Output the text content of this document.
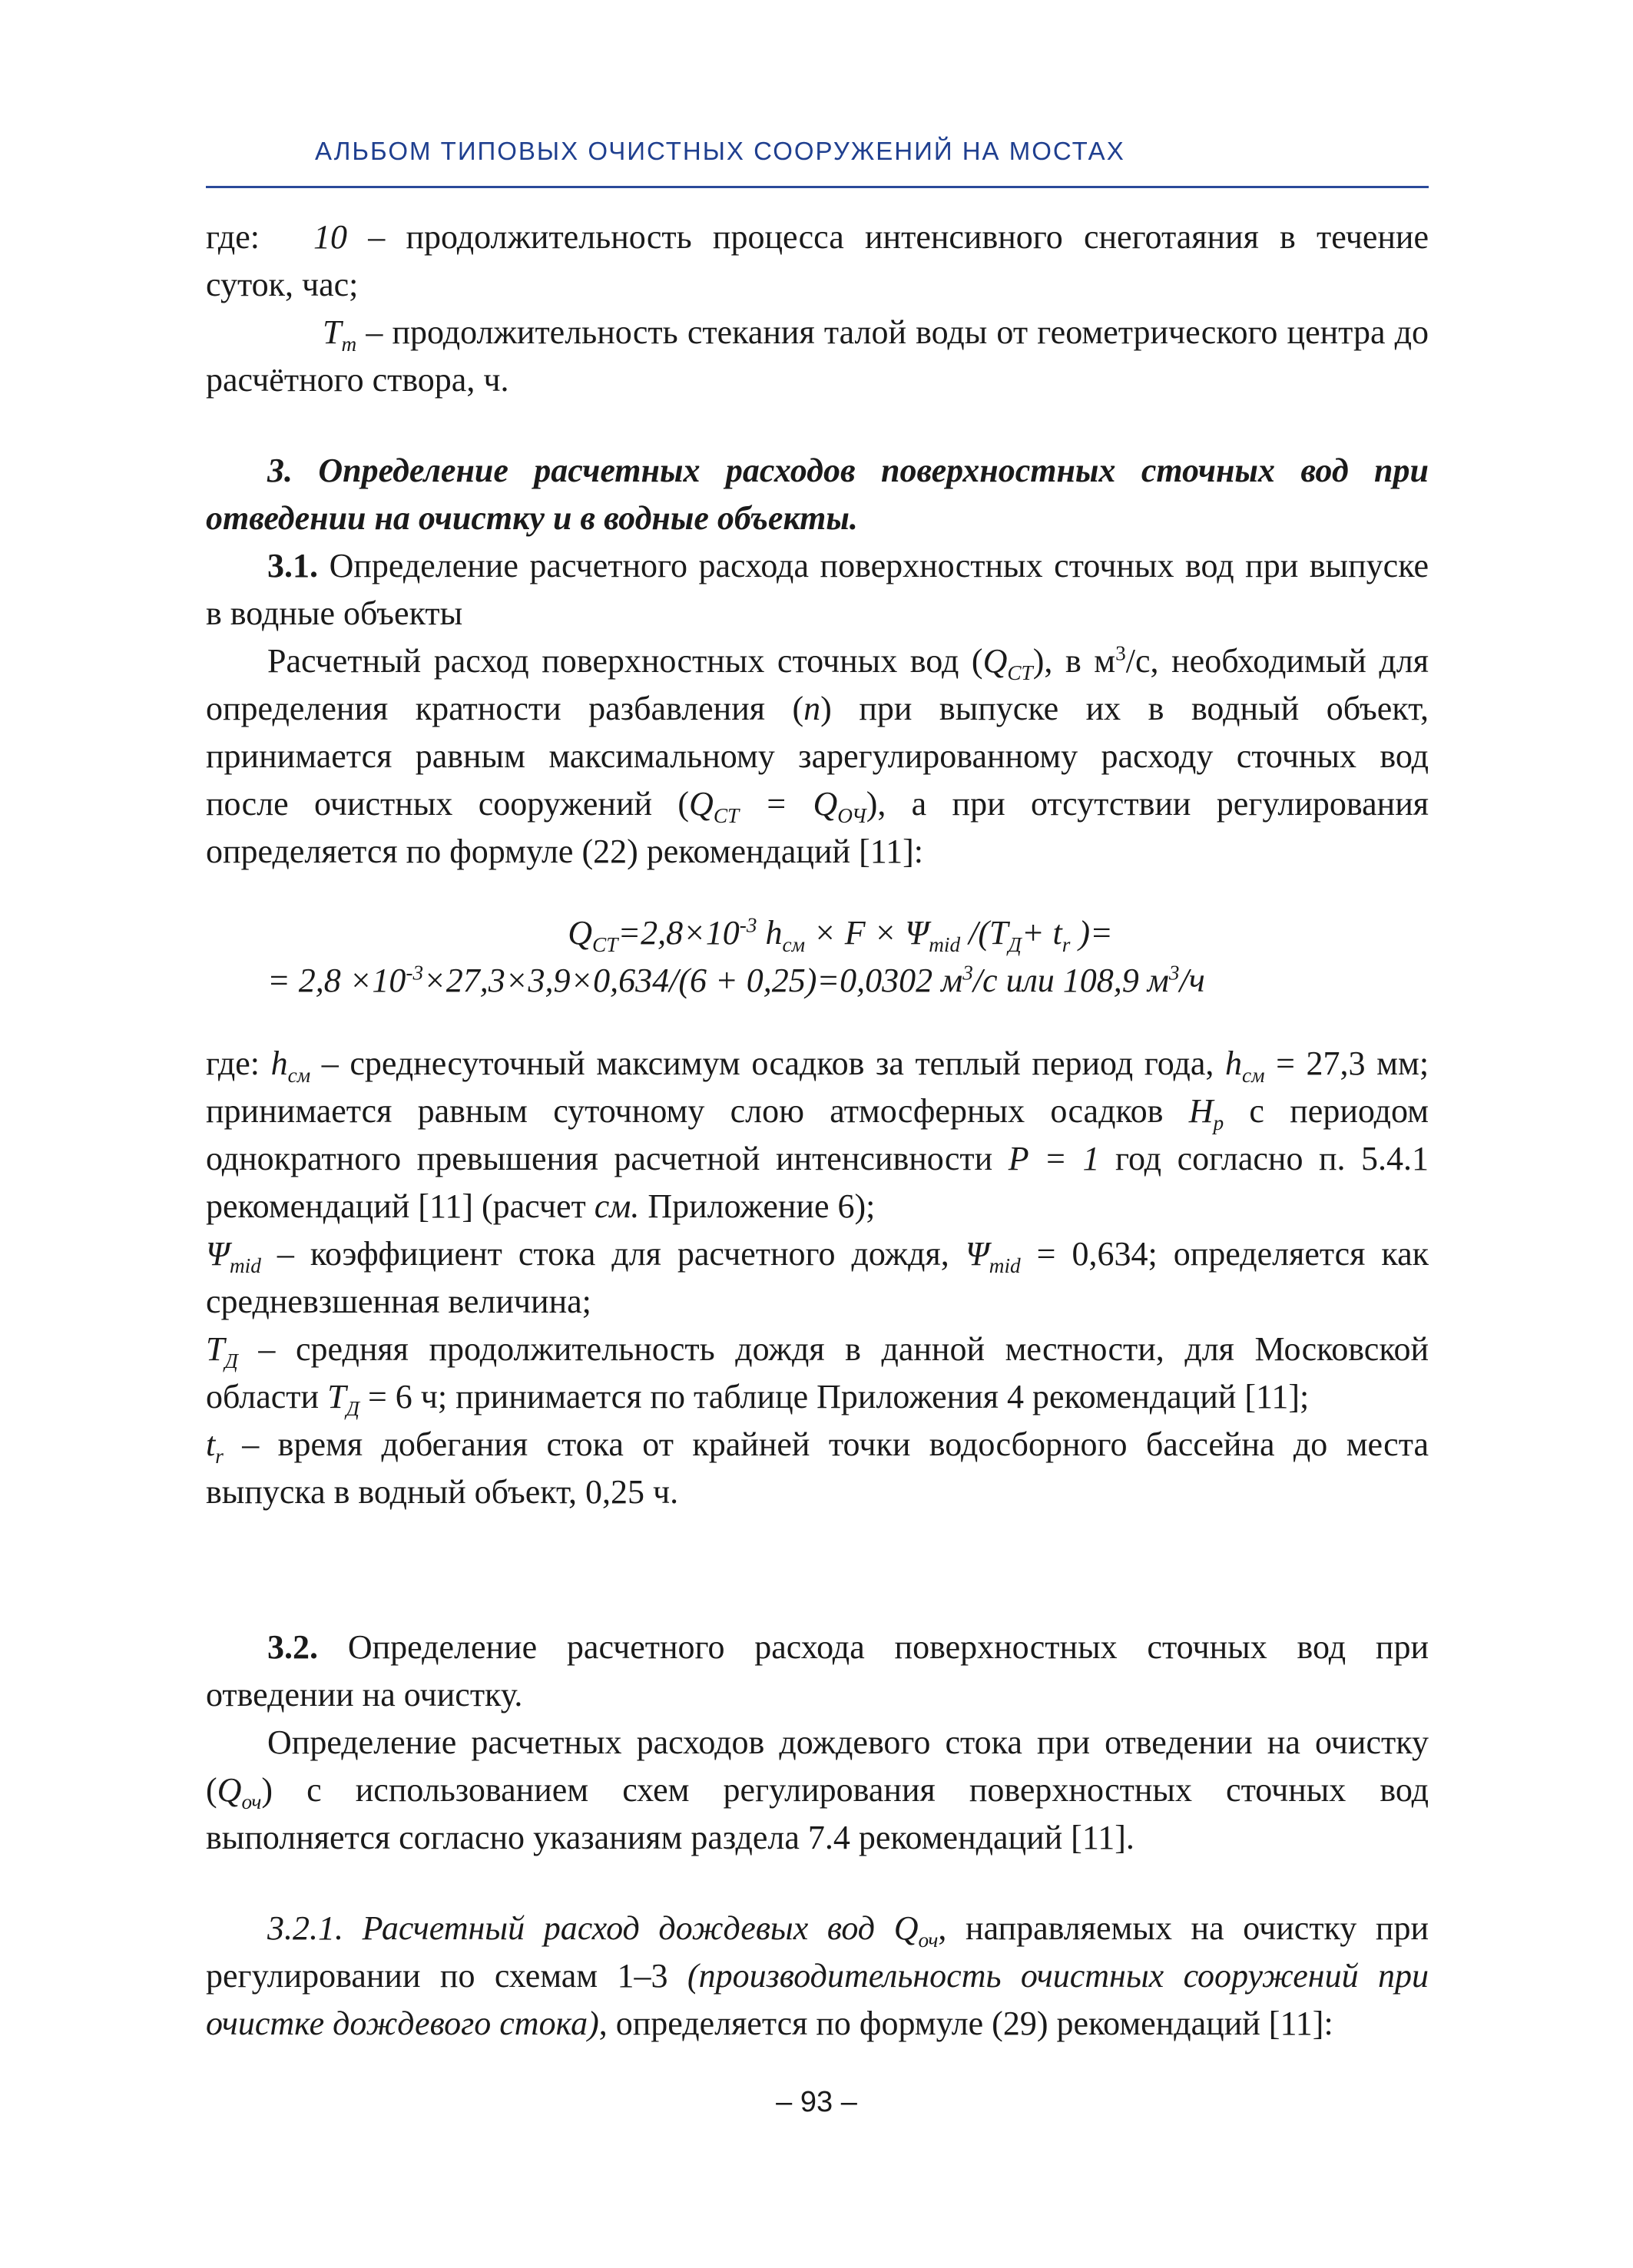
АЛЬБОМ ТИПОВЫХ ОЧИСТНЫХ СООРУЖЕНИЙ НА МОСТАХ

где: 10 – продолжительность процесса интенсивного снеготаяния в течение суток, час;

$T_т$ – продолжительность стекания талой воды от геометрического центра до расчётного створа, ч.

3. Определение расчетных расходов поверхностных сточных вод при отведении на очистку и в водные объекты.

3.1. Определение расчетного расхода поверхностных сточных вод при выпуске в водные объекты

Расчетный расход поверхностных сточных вод $(Q_{СТ})$, в $м^3/с$, необходимый для определения кратности разбавления (n) при выпуске их в водный объект, принимается равным максимальному зарегулированному расходу сточных вод после очистных сооружений $(Q_{СТ} = Q_{ОЧ})$, а при отсутствии регулирования определяется по формуле (22) рекомендаций [11]:

$Q_{СТ}=2,8\times 10^{-3}$ $h_{см} \times F \times \Psi_{mid}$ $/(T_Д+ t_r$ )=
= $2,8 \times 10^{-3}\times 27,3\times 3,9\times 0,634/(6 + 0,25)=0,0302$ $м^3/с$ или 108,9 $м^3/ч$

где: $h_{см}$ – среднесуточный максимум осадков за теплый период года, $h_{см} = 27,3$ мм; принимается равным суточному слою атмосферных осадков $H_p$ с периодом однократного превышения расчетной интенсивности P = 1 год согласно п. 5.4.1 рекомендаций [11] (расчет см. Приложение 6);

$\Psi_{mid}$ – коэффициент стока для расчетного дождя, $\Psi_{mid} = 0,634$; определяется как средневзшенная величина;

$T_Д$ – средняя продолжительность дождя в данной местности, для Московской области $T_Д = 6$ ч; принимается по таблице Приложения 4 рекомендаций [11];

$t_r$ – время добегания стока от крайней точки водосборного бассейна до места выпуска в водный объект, 0,25 ч.

3.2. Определение расчетного расхода поверхностных сточных вод при отведении на очистку.

Определение расчетных расходов дождевого стока при отведении на очистку $(Q_{оч})$ с использованием схем регулирования поверхностных сточных вод выполняется согласно указаниям раздела 7.4 рекомендаций [11].

3.2.1. Расчетный расход дождевых вод $Q_{оч}$, направляемых на очистку при регулировании по схемам 1–3 (производительность очистных сооружений при очистке дождевого стока), определяется по формуле (29) рекомендаций [11]:

– 93 –
